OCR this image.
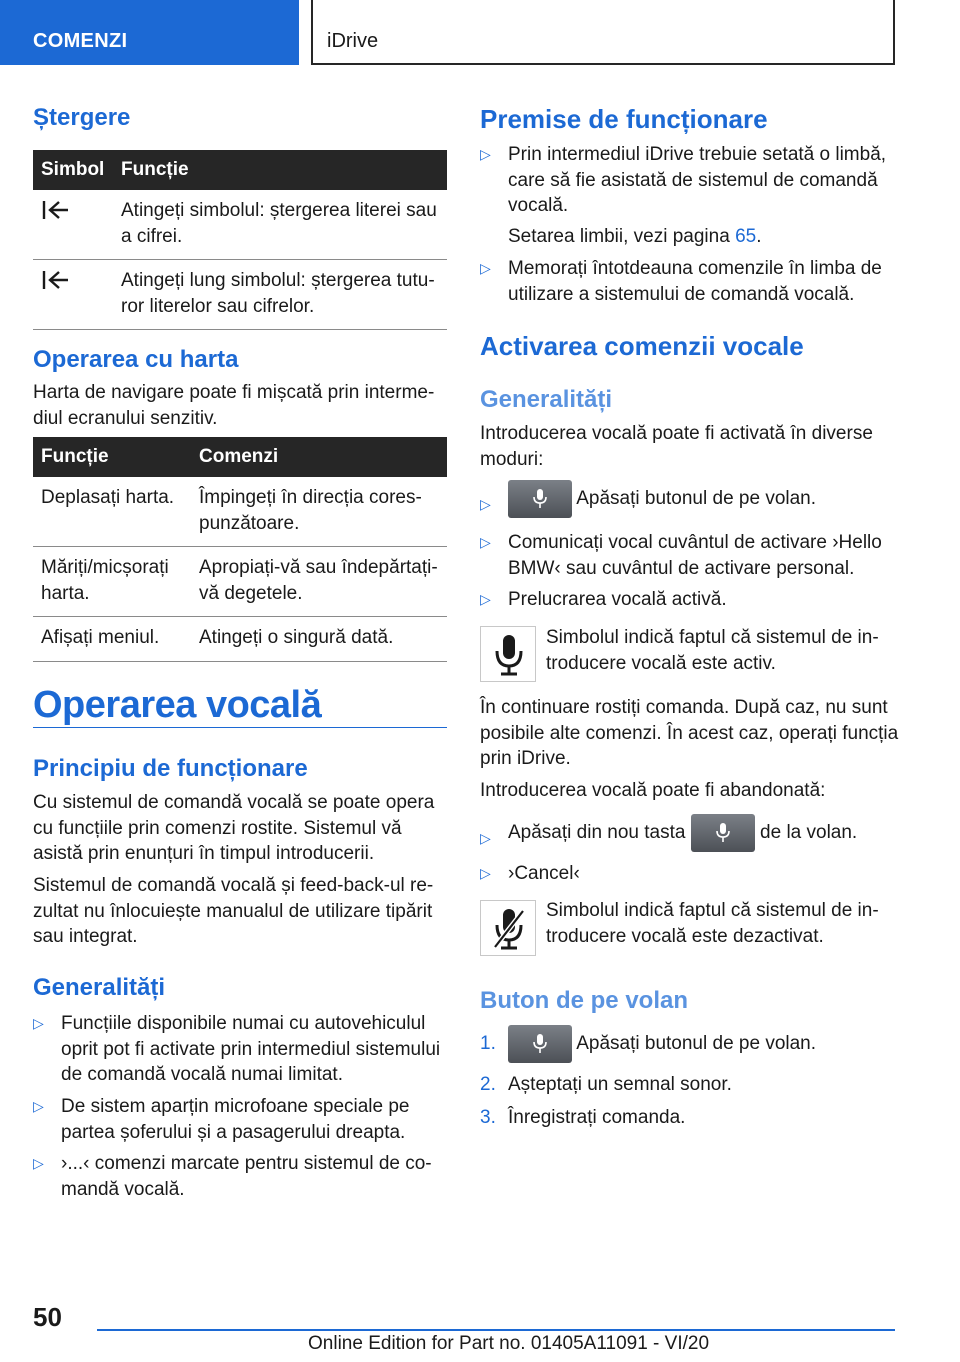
COMENZI	iDrive
Ștergere
Simbol	Funcție
	Atingeți simbolul: ștergerea literei sau a cifrei.
	Atingeți lung simbolul: ștergerea tutu-ror literelor sau cifrelor.
Operarea cu harta
Harta de navigare poate fi mișcată prin interme-diul ecranului senzitiv.
Funcție	Comenzi
Deplasați harta.	Împingeți în direcția cores-punzătoare.
Măriți/micșorați harta.	Apropiați-vă sau îndepărtați-vă degetele.
Afișați meniul.	Atingeți o singură dată.
Operarea vocală
Principiu de funcționare
Cu sistemul de comandă vocală se poate opera cu funcțiile prin comenzi rostite. Sistemul vă asistă prin enunțuri în timpul introducerii.
Sistemul de comandă vocală și feed-back-ul re-zultat nu înlocuiește manualul de utilizare tipărit sau integrat.
Generalități
▷ Funcțiile disponibile numai cu autovehiculul oprit pot fi activate prin intermediul sistemului de comandă vocală numai limitat.
▷ De sistem aparțin microfoane speciale pe partea șoferului și a pasagerului dreapta.
▷ ›...‹ comenzi marcate pentru sistemul de co-mandă vocală.
Premise de funcționare
▷ Prin intermediul iDrive trebuie setată o limbă, care să fie asistată de sistemul de comandă vocală.
Setarea limbii, vezi pagina 65.
▷ Memorați întotdeauna comenzile în limba de utilizare a sistemului de comandă vocală.
Activarea comenzii vocale
Generalități
Introducerea vocală poate fi activată în diverse moduri:
▷	Apăsați butonul de pe volan.
▷ Comunicați vocal cuvântul de activare ›Hello BMW‹ sau cuvântul de activare personal.
▷ Prelucrarea vocală activă.
Simbolul indică faptul că sistemul de in-troducere vocală este activ.
În continuare rostiți comanda. După caz, nu sunt posibile alte comenzi. În acest caz, operați funcția prin iDrive.
Introducerea vocală poate fi abandonată:
▷ Apăsați din nou tasta	de la volan.
▷ ›Cancel‹
Simbolul indică faptul că sistemul de in-troducere vocală este dezactivat.
Buton de pe volan
1.	Apăsați butonul de pe volan.
2. Așteptați un semnal sonor.
3. Înregistrați comanda.
50
Online Edition for Part no. 01405A11091 - VI/20
